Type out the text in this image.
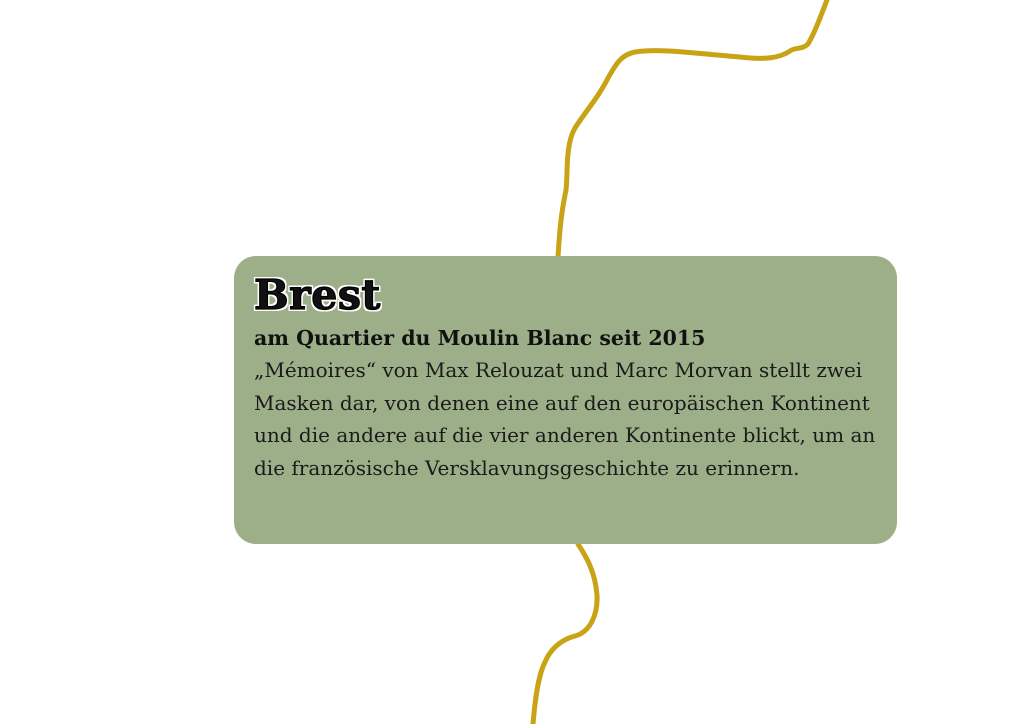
Brest
am Quartier du Moulin Blanc seit 2015
„Mémoires“ von Max Relouzat und Marc Morvan stellt zwei Masken dar, von denen eine auf den europäischen Kontinent und die andere auf die vier anderen Kontinente blickt, um an die französische Versklavungsgeschichte zu erinnern.
